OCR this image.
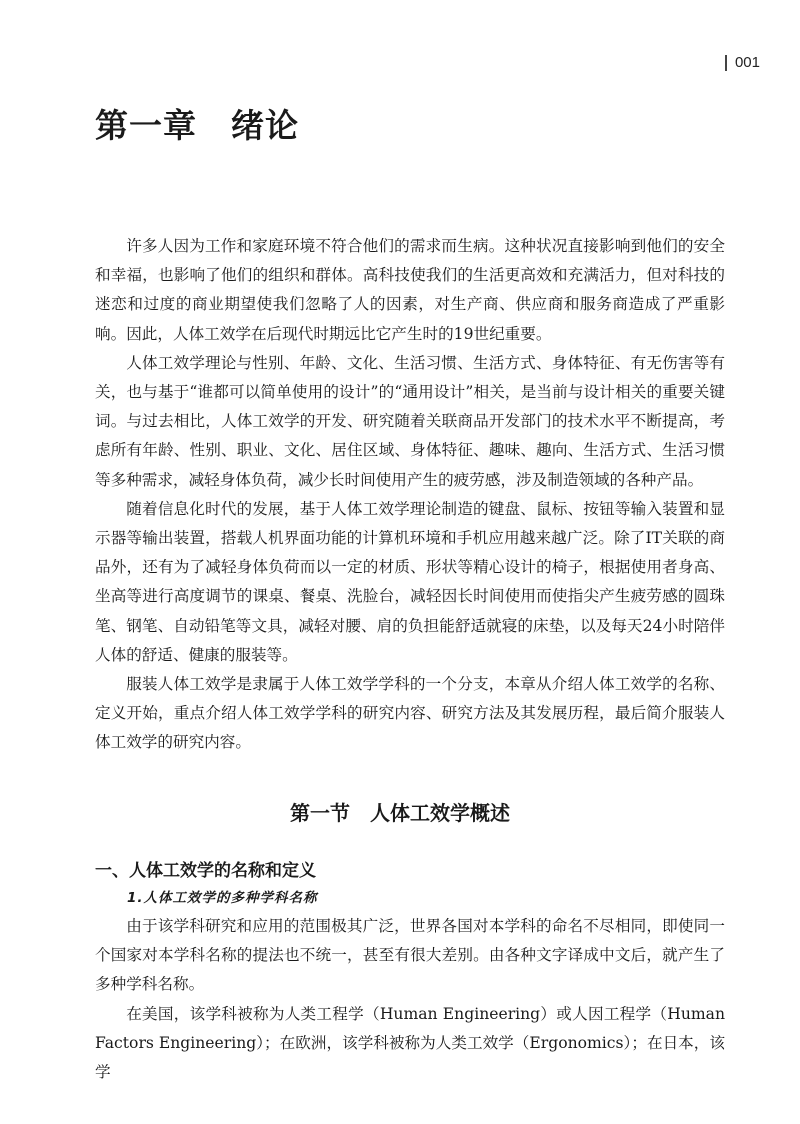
001
第一章　绪论

许多人因为工作和家庭环境不符合他们的需求而生病。这种状况直接影响到他们的安全和幸福，也影响了他们的组织和群体。高科技使我们的生活更高效和充满活力，但对科技的迷恋和过度的商业期望使我们忽略了人的因素，对生产商、供应商和服务商造成了严重影响。因此，人体工效学在后现代时期远比它产生时的19世纪重要。

人体工效学理论与性别、年龄、文化、生活习惯、生活方式、身体特征、有无伤害等有关，也与基于“谁都可以简单使用的设计”的“通用设计”相关，是当前与设计相关的重要关键词。与过去相比，人体工效学的开发、研究随着关联商品开发部门的技术水平不断提高，考虑所有年龄、性别、职业、文化、居住区域、身体特征、趣味、趣向、生活方式、生活习惯等多种需求，减轻身体负荷，减少长时间使用产生的疲劳感，涉及制造领域的各种产品。

随着信息化时代的发展，基于人体工效学理论制造的键盘、鼠标、按钮等输入装置和显示器等输出装置，搭载人机界面功能的计算机环境和手机应用越来越广泛。除了IT关联的商品外，还有为了减轻身体负荷而以一定的材质、形状等精心设计的椅子，根据使用者身高、坐高等进行高度调节的课桌、餐桌、洗脸台，减轻因长时间使用而使指尖产生疲劳感的圆珠笔、钢笔、自动铅笔等文具，减轻对腰、肩的负担能舒适就寝的床垫，以及每天24小时陪伴人体的舒适、健康的服装等。

服装人体工效学是隶属于人体工效学学科的一个分支，本章从介绍人体工效学的名称、定义开始，重点介绍人体工效学学科的研究内容、研究方法及其发展历程，最后简介服装人体工效学的研究内容。

第一节　人体工效学概述
一、人体工效学的名称和定义
1.人体工效学的多种学科名称

由于该学科研究和应用的范围极其广泛，世界各国对本学科的命名不尽相同，即使同一个国家对本学科名称的提法也不统一，甚至有很大差别。由各种文字译成中文后，就产生了多种学科名称。

在美国，该学科被称为人类工程学（Human Engineering）或人因工程学（Human Factors Engineering）；在欧洲，该学科被称为人类工效学（Ergonomics）；在日本，该学
